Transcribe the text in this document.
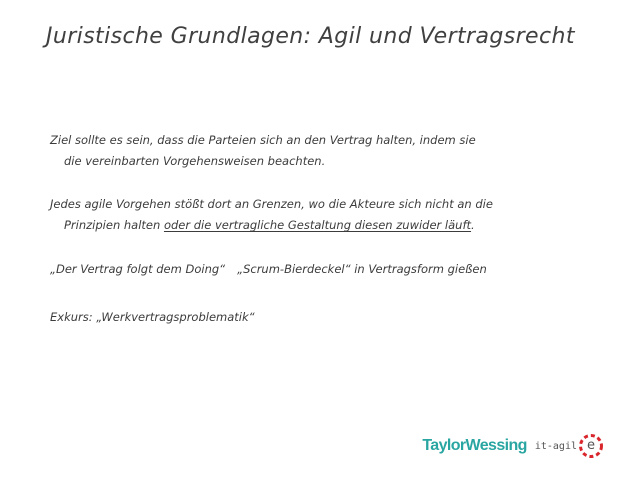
Juristische Grundlagen: Agil und Vertragsrecht

Ziel sollte es sein, dass die Parteien sich an den Vertrag halten, indem sie
die vereinbarten Vorgehensweisen beachten.

Jedes agile Vorgehen stößt dort an Grenzen, wo die Akteure sich nicht an die
Prinzipien halten oder die vertragliche Gestaltung diesen zuwider läuft.

„Der Vertrag folgt dem Doing“ „Scrum-Bierdeckel“ in Vertragsform gießen

Exkurs: „Werkvertragsproblematik“

TaylorWessing it-agil e
